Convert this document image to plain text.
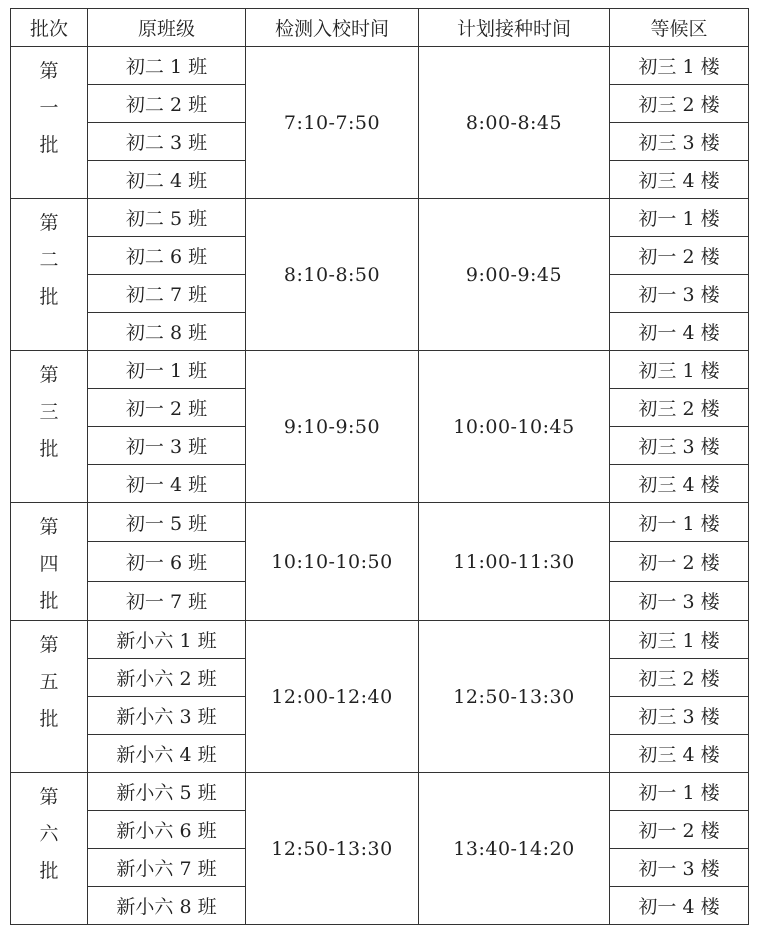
批次	原班级	检测入校时间	计划接种时间	等候区

第
一
批	初二 1 班	7:10-7:50	8:00-8:45	初三 1 楼
	初二 2 班			初三 2 楼
	初二 3 班			初三 3 楼
	初二 4 班			初三 4 楼

第
二
批	初二 5 班	8:10-8:50	9:00-9:45	初一 1 楼
	初二 6 班			初一 2 楼
	初二 7 班			初一 3 楼
	初二 8 班			初一 4 楼

第
三
批	初一 1 班	9:10-9:50	10:00-10:45	初三 1 楼
	初一 2 班			初三 2 楼
	初一 3 班			初三 3 楼
	初一 4 班			初三 4 楼

第
四
批	初一 5 班	10:10-10:50	11:00-11:30	初一 1 楼
	初一 6 班			初一 2 楼
	初一 7 班			初一 3 楼

第
五
批	新小六 1 班	12:00-12:40	12:50-13:30	初三 1 楼
	新小六 2 班			初三 2 楼
	新小六 3 班			初三 3 楼
	新小六 4 班			初三 4 楼

第
六
批	新小六 5 班	12:50-13:30	13:40-14:20	初一 1 楼
	新小六 6 班			初一 2 楼
	新小六 7 班			初一 3 楼
	新小六 8 班			初一 4 楼
